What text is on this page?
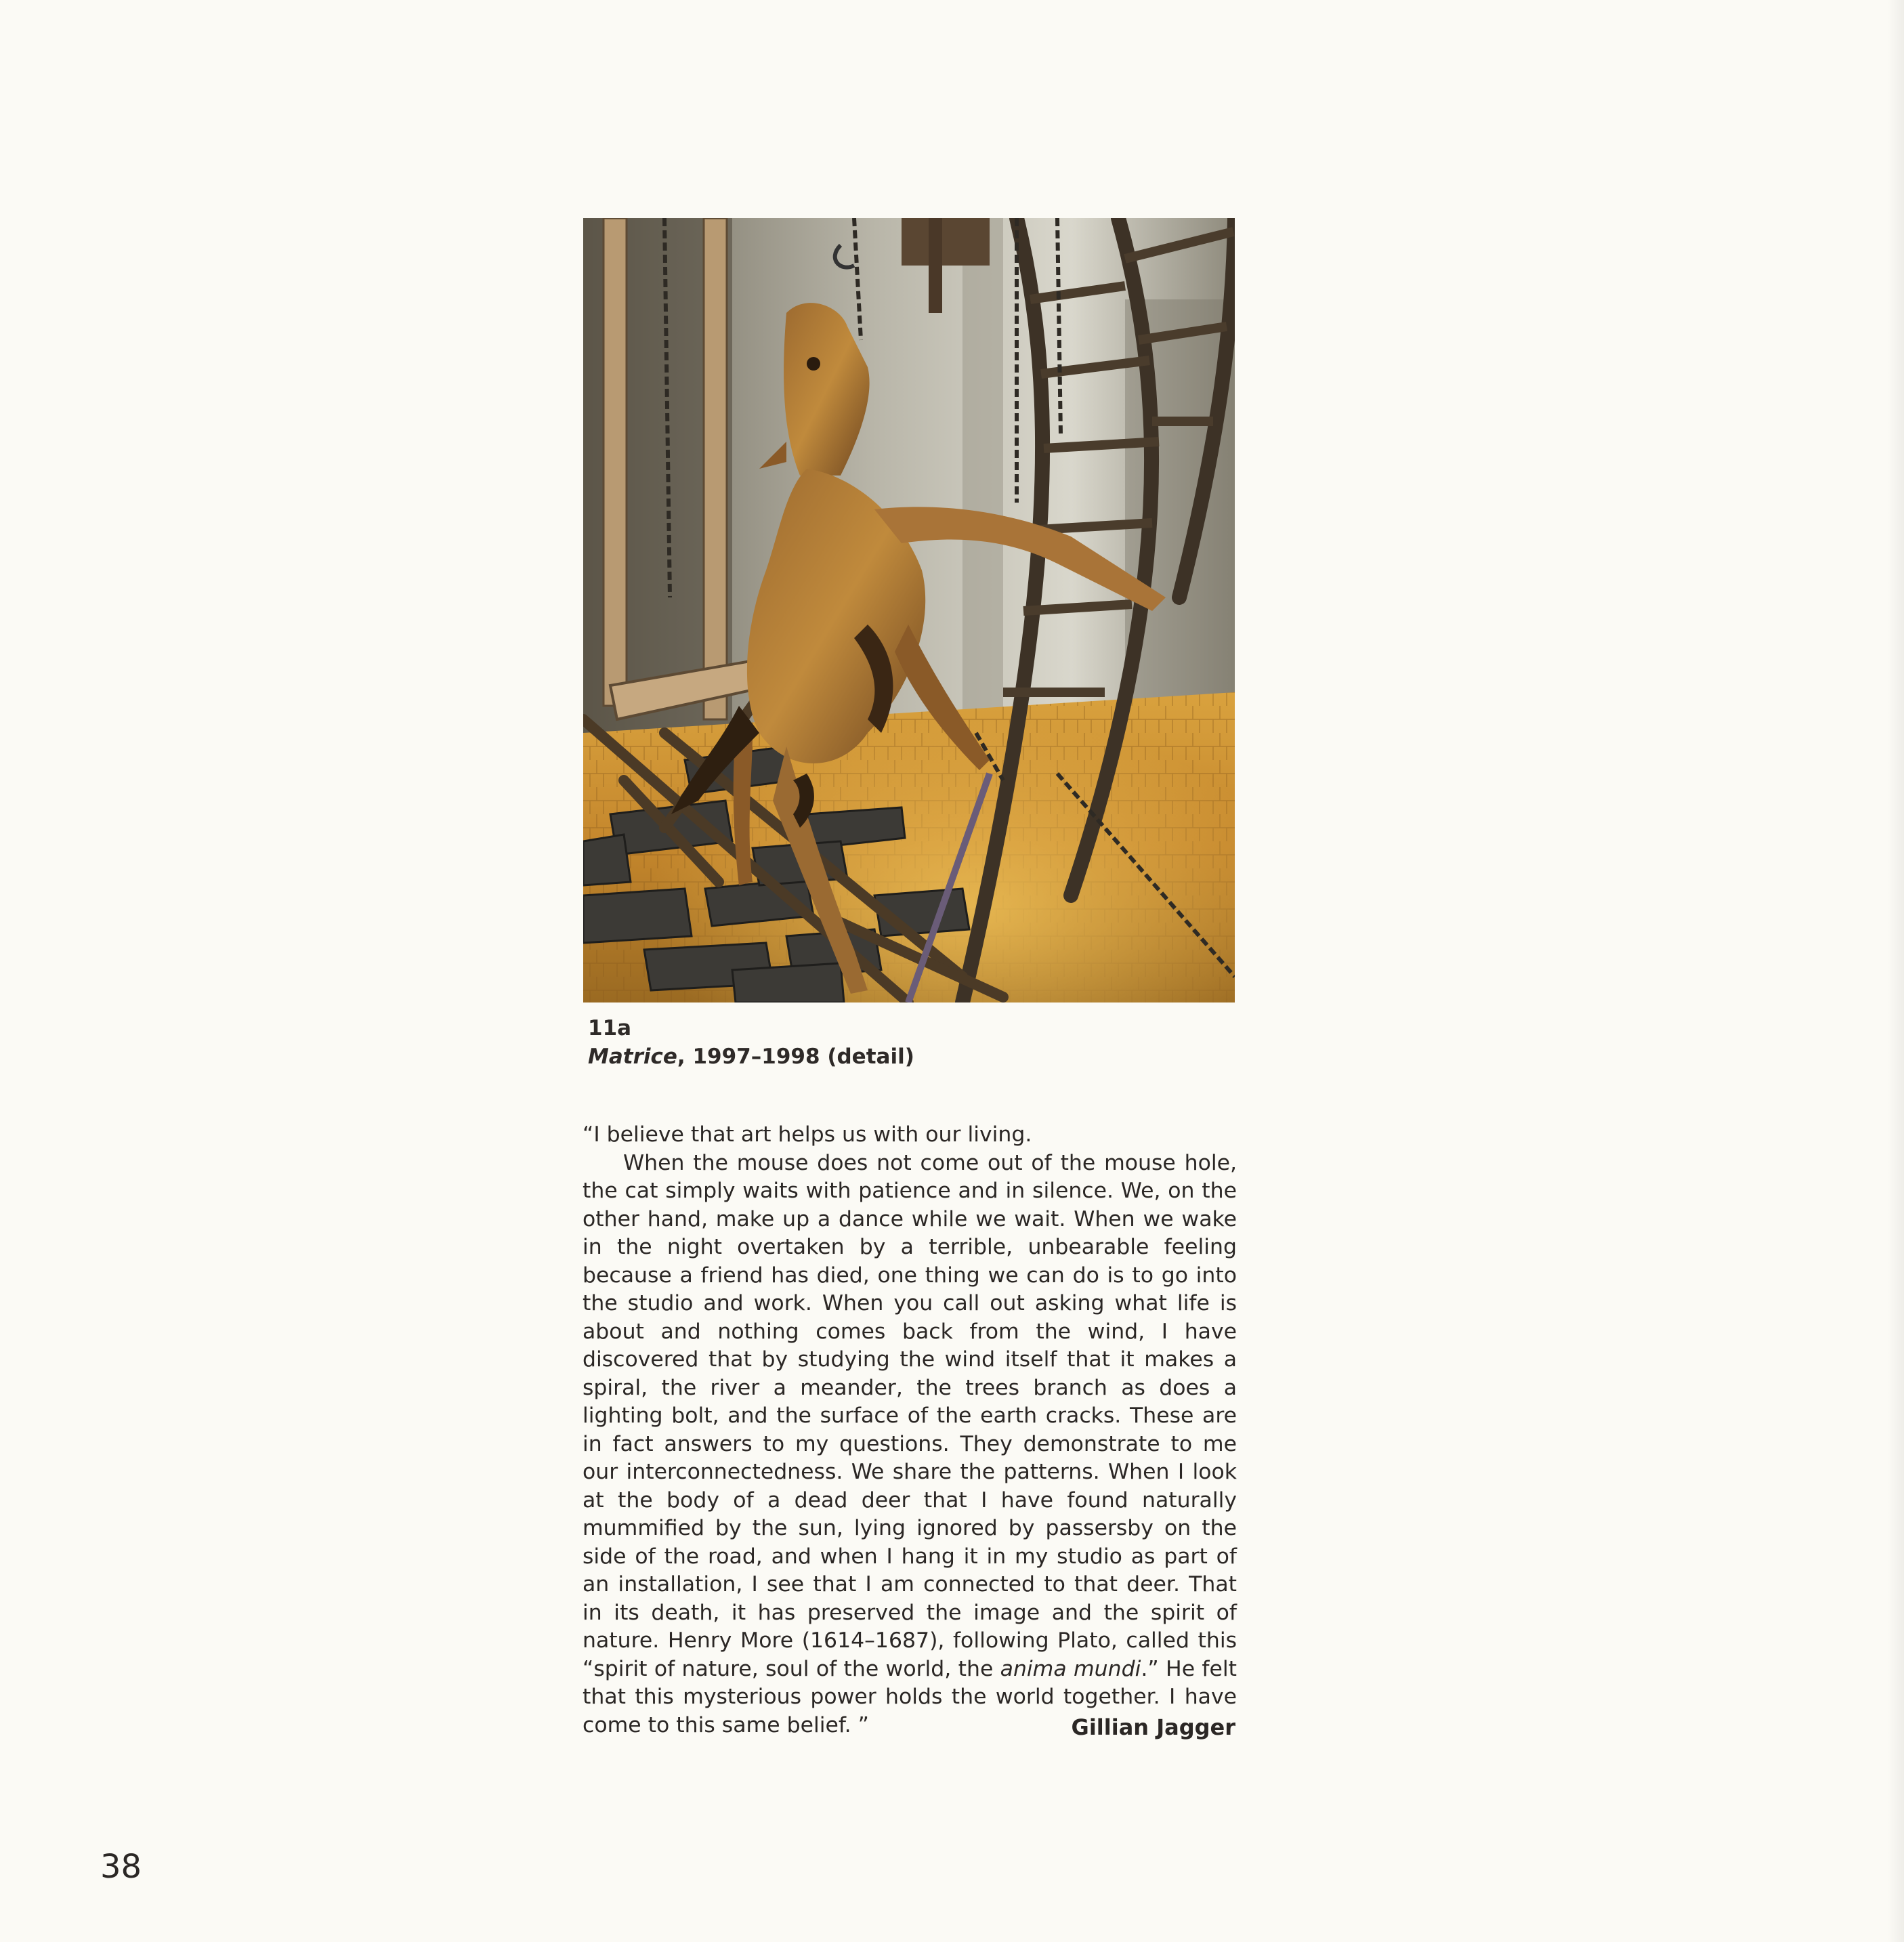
11a
Matrice, 1997–1998 (detail)

“I believe that art helps us with our living.

When the mouse does not come out of the mouse hole, the cat simply waits with patience and in silence. We, on the other hand, make up a dance while we wait. When we wake in the night overtaken by a terrible, unbearable feeling because a friend has died, one thing we can do is to go into the studio and work. When you call out asking what life is about and nothing comes back from the wind, I have discovered that by studying the wind itself that it makes a spiral, the river a meander, the trees branch as does a lighting bolt, and the surface of the earth cracks. These are in fact answers to my questions. They demonstrate to me our interconnectedness. We share the patterns. When I look at the body of a dead deer that I have found naturally mummified by the sun, lying ignored by passersby on the side of the road, and when I hang it in my studio as part of an installation, I see that I am connected to that deer. That in its death, it has preserved the image and the spirit of nature. Henry More (1614–1687), following Plato, called this “spirit of nature, soul of the world, the anima mundi.” He felt that this mysterious power holds the world together. I have come to this same belief. ”	Gillian Jagger
38
